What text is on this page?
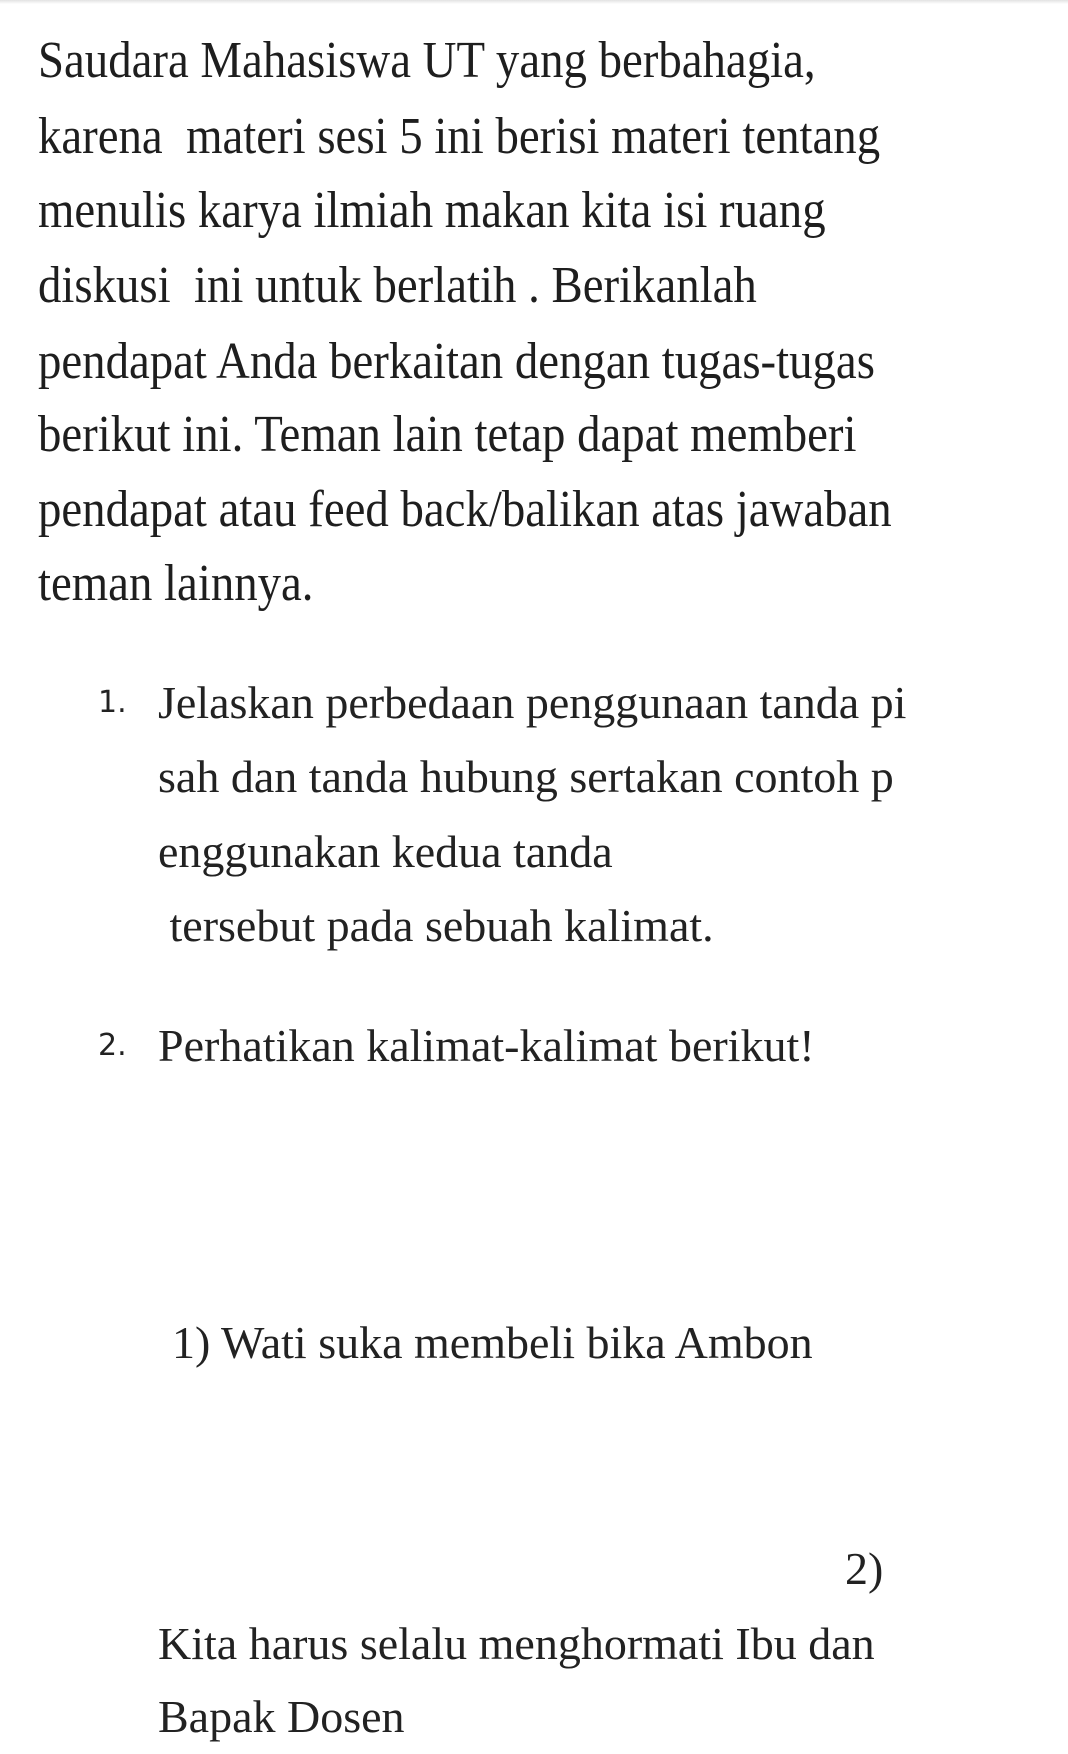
Saudara Mahasiswa UT yang berbahagia,
karena  materi sesi 5 ini berisi materi tentang
menulis karya ilmiah makan kita isi ruang
diskusi  ini untuk berlatih . Berikanlah
pendapat Anda berkaitan dengan tugas-tugas
berikut ini. Teman lain tetap dapat memberi
pendapat atau feed back/balikan atas jawaban
teman lainnya.
1. Jelaskan perbedaan penggunaan tanda pi
sah dan tanda hubung sertakan contoh p
enggunakan kedua tanda
tersebut pada sebuah kalimat.
2. Perhatikan kalimat-kalimat berikut!
1) Wati suka membeli bika Ambon
2)
Kita harus selalu menghormati Ibu dan
Bapak Dosen
